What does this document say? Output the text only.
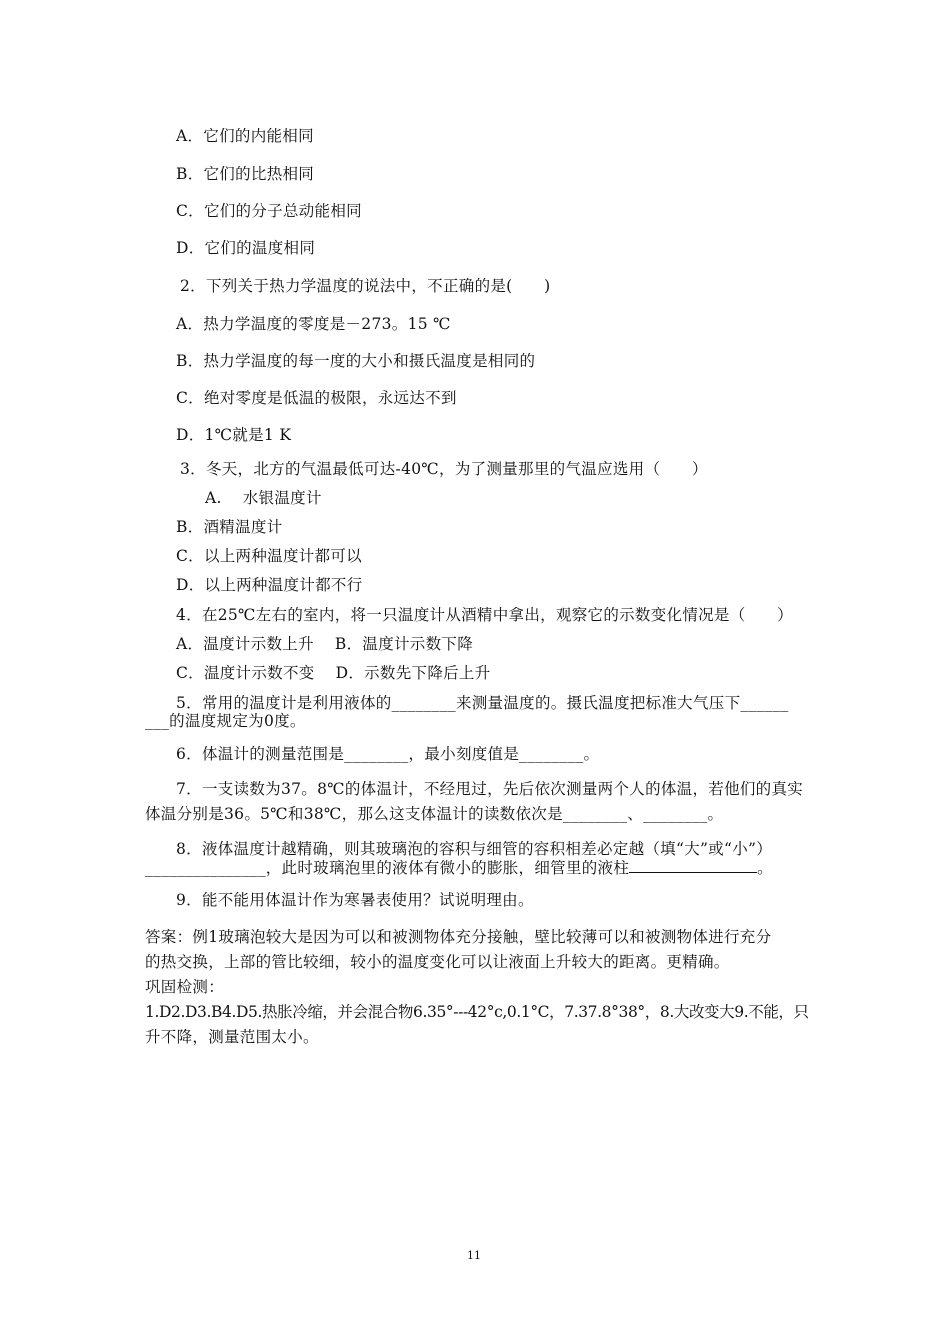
A．它们的内能相同
B．它们的比热相同
C．它们的分子总动能相同
D．它们的温度相同
2．下列关于热力学温度的说法中，不正确的是(　　)
A．热力学温度的零度是－273。15 ℃
B．热力学温度的每一度的大小和摄氏温度是相同的
C．绝对零度是低温的极限，永远达不到
D．1℃就是1 K
3．冬天，北方的气温最低可达-40℃，为了测量那里的气温应选用（　　）
A.　 水银温度计
B．酒精温度计
C．以上两种温度计都可以
D．以上两种温度计都不行
4．在25℃左右的室内，将一只温度计从酒精中拿出，观察它的示数变化情况是（　　）
A．温度计示数上升　 B．温度计示数下降
C．温度计示数不变　 D．示数先下降后上升
5．常用的温度计是利用液体的________来测量温度的。摄氏温度把标准大气压下______
___的温度规定为0度。
6．体温计的测量范围是________，最小刻度值是________。
7．一支读数为37。8℃的体温计，不经甩过，先后依次测量两个人的体温，若他们的真实
体温分别是36。5℃和38℃，那么这支体温计的读数依次是________、________。
8．液体温度计越精确，则其玻璃泡的容积与细管的容积相差必定越（填“大”或“小”）
_______________，此时玻璃泡里的液体有微小的膨胀，细管里的液柱	。
9．能不能用体温计作为寒暑表使用？试说明理由。
答案：例1玻璃泡较大是因为可以和被测物体充分接触，壁比较薄可以和被测物体进行充分
的热交换，上部的管比较细，较小的温度变化可以让液面上升较大的距离。更精确。
巩固检测：
1.D2.D3.B4.D5.热胀冷缩，并会混合物6.35°---42°c,0.1°C，7.37.8°38°，8.大改变大9.不能，只
升不降，测量范围太小。
11
